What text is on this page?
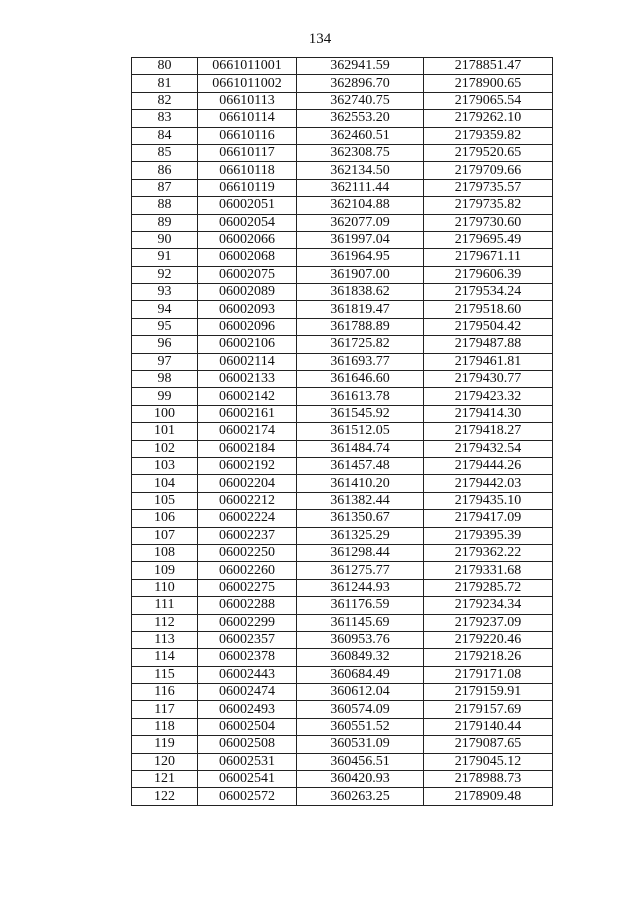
134
80	0661011001	362941.59	2178851.47
81	0661011002	362896.70	2178900.65
82	06610113	362740.75	2179065.54
83	06610114	362553.20	2179262.10
84	06610116	362460.51	2179359.82
85	06610117	362308.75	2179520.65
86	06610118	362134.50	2179709.66
87	06610119	362111.44	2179735.57
88	06002051	362104.88	2179735.82
89	06002054	362077.09	2179730.60
90	06002066	361997.04	2179695.49
91	06002068	361964.95	2179671.11
92	06002075	361907.00	2179606.39
93	06002089	361838.62	2179534.24
94	06002093	361819.47	2179518.60
95	06002096	361788.89	2179504.42
96	06002106	361725.82	2179487.88
97	06002114	361693.77	2179461.81
98	06002133	361646.60	2179430.77
99	06002142	361613.78	2179423.32
100	06002161	361545.92	2179414.30
101	06002174	361512.05	2179418.27
102	06002184	361484.74	2179432.54
103	06002192	361457.48	2179444.26
104	06002204	361410.20	2179442.03
105	06002212	361382.44	2179435.10
106	06002224	361350.67	2179417.09
107	06002237	361325.29	2179395.39
108	06002250	361298.44	2179362.22
109	06002260	361275.77	2179331.68
110	06002275	361244.93	2179285.72
111	06002288	361176.59	2179234.34
112	06002299	361145.69	2179237.09
113	06002357	360953.76	2179220.46
114	06002378	360849.32	2179218.26
115	06002443	360684.49	2179171.08
116	06002474	360612.04	2179159.91
117	06002493	360574.09	2179157.69
118	06002504	360551.52	2179140.44
119	06002508	360531.09	2179087.65
120	06002531	360456.51	2179045.12
121	06002541	360420.93	2178988.73
122	06002572	360263.25	2178909.48
